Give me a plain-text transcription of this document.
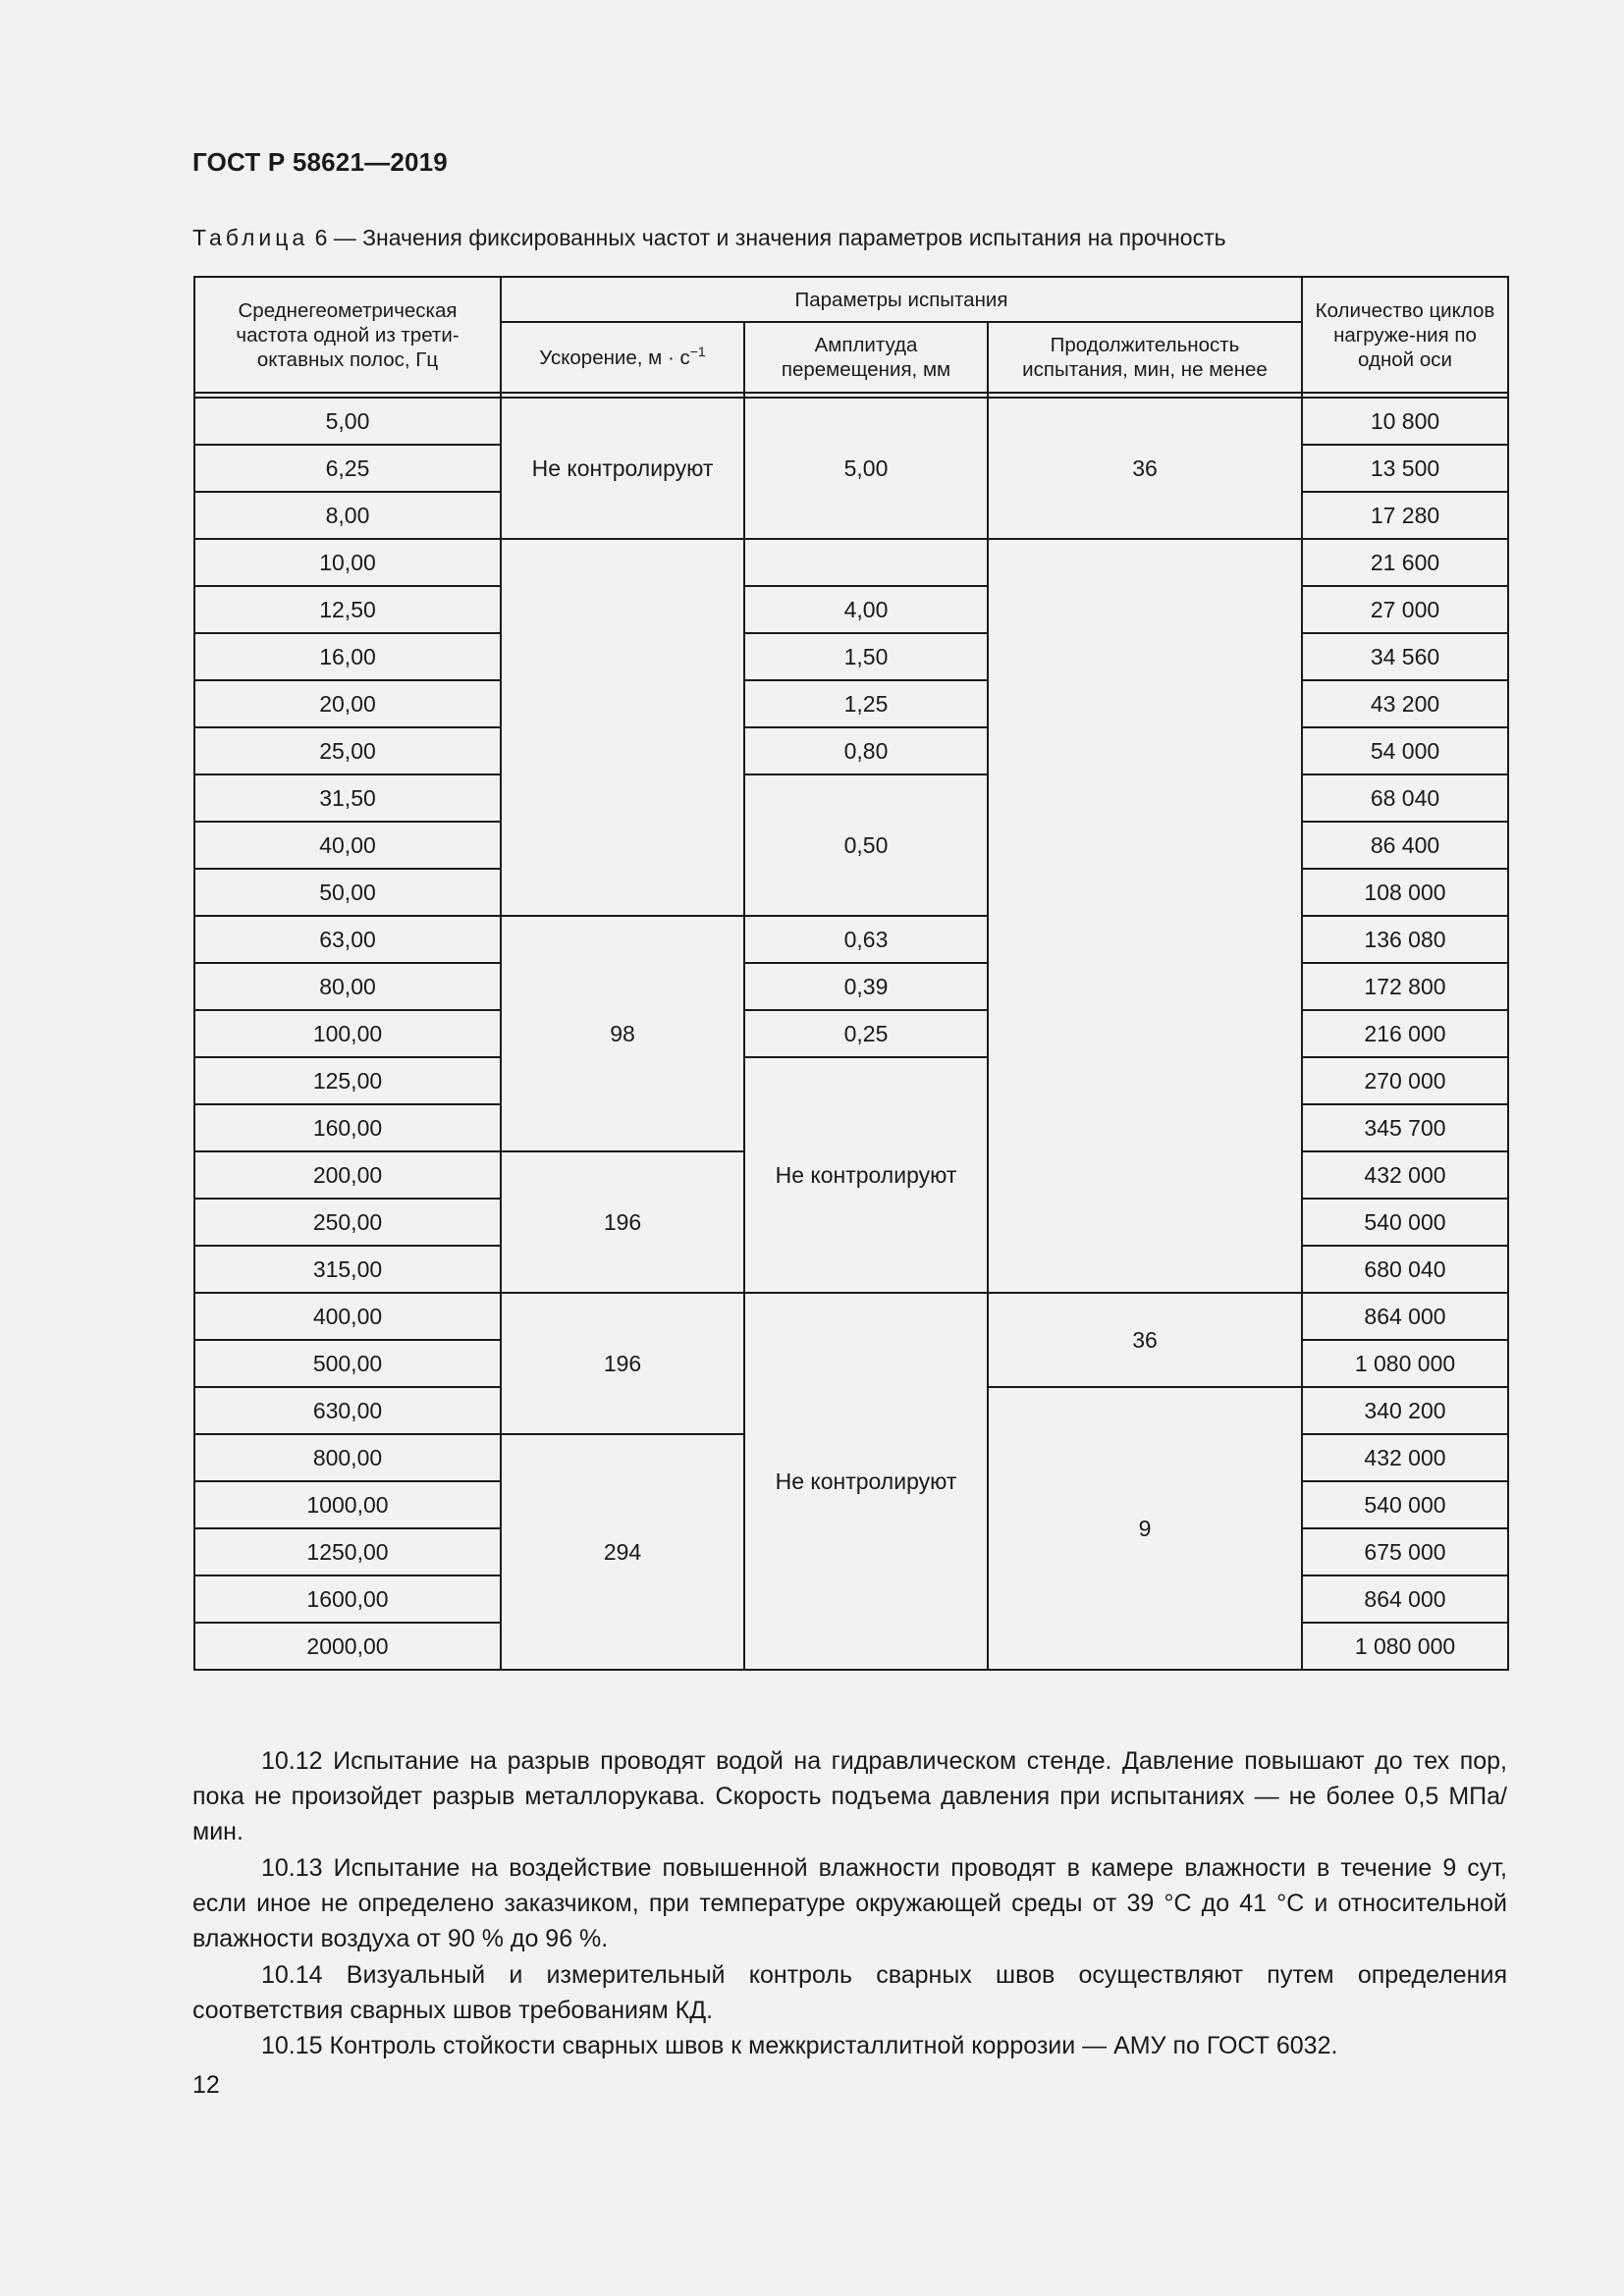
ГОСТ Р 58621—2019
Таблица 6 — Значения фиксированных частот и значения параметров испытания на прочность
Среднегеометрическая частота одной из трети-октавных полос, Гц	Параметры испытания			Количество циклов нагруже-ния по одной оси
	Ускорение, $м \cdot с^{-1}$	Амплитуда перемещения, мм	Продолжительность испытания, мин, не менее	

5,00	Не контролируют	5,00	36	10 800
6,25				13 500
8,00				17 280
10,00				21 600
12,50		4,00		27 000
16,00		1,50		34 560
20,00		1,25		43 200
25,00		0,80		54 000
31,50		0,50		68 040
40,00				86 400
50,00				108 000
63,00	98	0,63		136 080
80,00		0,39		172 800
100,00		0,25		216 000
125,00		Не контролируют		270 000
160,00				345 700
200,00	196			432 000
250,00				540 000
315,00				680 040
400,00	196	Не контролируют	36	864 000
500,00				1 080 000
630,00			9	340 200
800,00	294			432 000
1000,00				540 000
1250,00				675 000
1600,00				864 000
2000,00				1 080 000

10.12 Испытание на разрыв проводят водой на гидравлическом стенде. Давление повышают до тех пор, пока не произойдет разрыв металлорукава. Скорость подъема давления при испытаниях — не более 0,5 МПа/мин.

10.13 Испытание на воздействие повышенной влажности проводят в камере влажности в течение 9 сут, если иное не определено заказчиком, при температуре окружающей среды от 39 °С до 41 °С и относительной влажности воздуха от 90 % до 96 %.

10.14 Визуальный и измерительный контроль сварных швов осуществляют путем определения соответствия сварных швов требованиям КД.

10.15 Контроль стойкости сварных швов к межкристаллитной коррозии — АМУ по ГОСТ 6032.

12
